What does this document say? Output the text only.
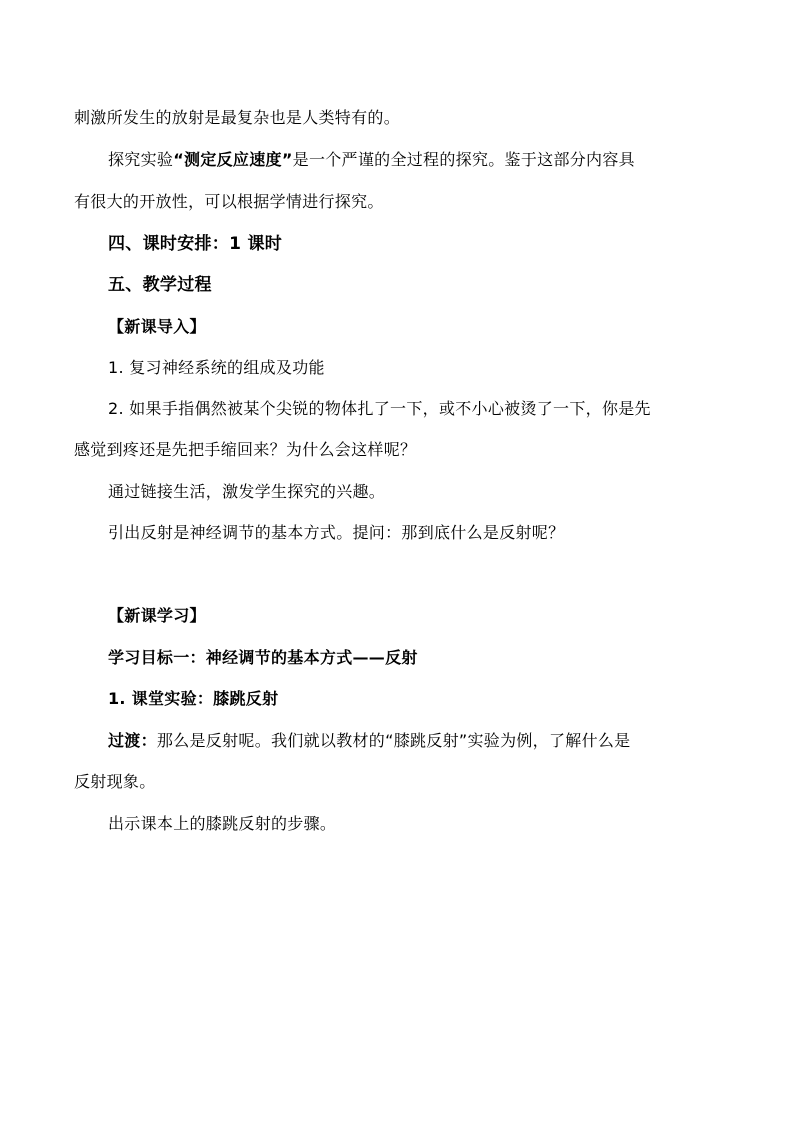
刺激所发生的放射是最复杂也是人类特有的。
探究实验“测定反应速度”是一个严谨的全过程的探究。鉴于这部分内容具
有很大的开放性，可以根据学情进行探究。
四、课时安排：1 课时
五、教学过程
【新课导入】
1. 复习神经系统的组成及功能
2. 如果手指偶然被某个尖锐的物体扎了一下，或不小心被烫了一下，你是先
感觉到疼还是先把手缩回来？为什么会这样呢？
通过链接生活，激发学生探究的兴趣。
引出反射是神经调节的基本方式。提问：那到底什么是反射呢？
【新课学习】
学习目标一：神经调节的基本方式——反射
1. 课堂实验：膝跳反射
过渡：那么是反射呢。我们就以教材的“膝跳反射”实验为例，了解什么是
反射现象。
出示课本上的膝跳反射的步骤。
